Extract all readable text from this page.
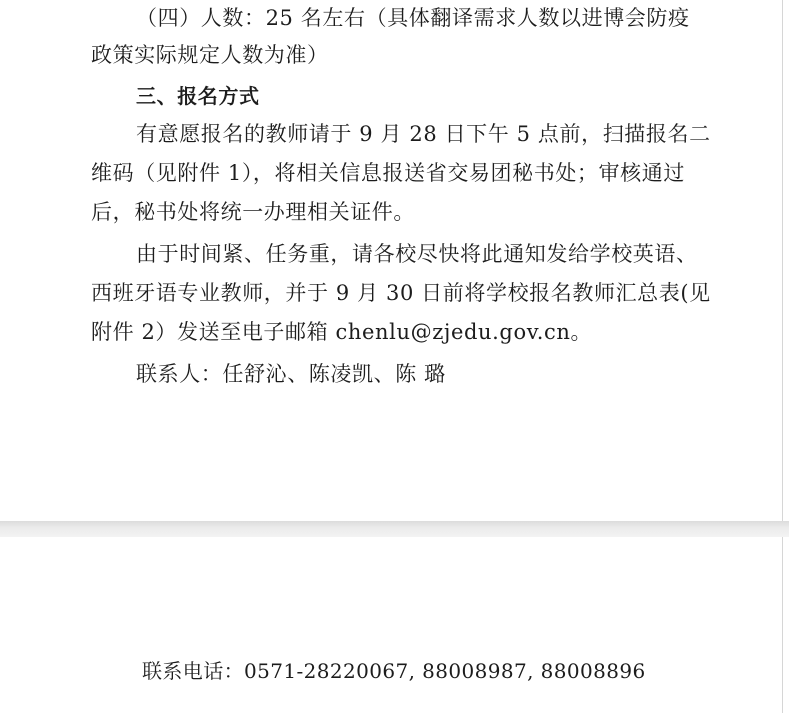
（四）人数：25 名左右（具体翻译需求人数以进博会防疫
政策实际规定人数为准）
三、报名方式
有意愿报名的教师请于 9 月 28 日下午 5 点前，扫描报名二
维码（见附件 1），将相关信息报送省交易团秘书处；审核通过
后，秘书处将统一办理相关证件。
由于时间紧、任务重，请各校尽快将此通知发给学校英语、
西班牙语专业教师，并于 9 月 30 日前将学校报名教师汇总表(见
附件 2）发送至电子邮箱 chenlu@zjedu.gov.cn。
联系人：任舒沁、陈凌凯、陈 璐
联系电话：0571-28220067, 88008987, 88008896
